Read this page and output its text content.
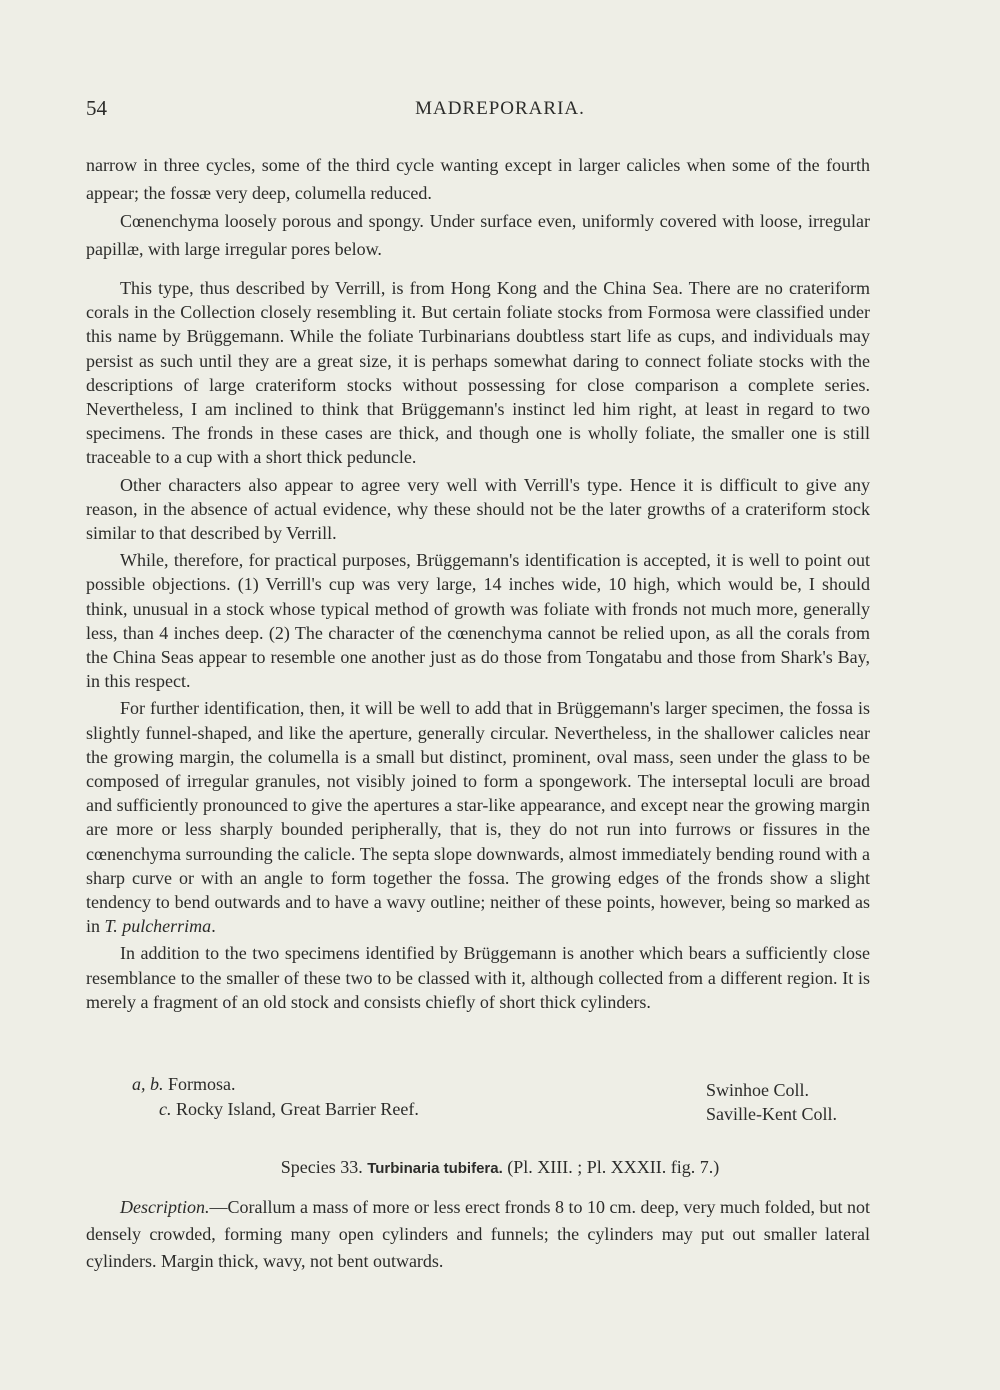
54	MADREPORARIA.

narrow in three cycles, some of the third cycle wanting except in larger calicles when some of the fourth appear; the fossæ very deep, columella reduced.

Cœnenchyma loosely porous and spongy. Under surface even, uniformly covered with loose, irregular papillæ, with large irregular pores below.

This type, thus described by Verrill, is from Hong Kong and the China Sea. There are no crateriform corals in the Collection closely resembling it. But certain foliate stocks from Formosa were classified under this name by Brüggemann. While the foliate Turbinarians doubtless start life as cups, and individuals may persist as such until they are a great size, it is perhaps somewhat daring to connect foliate stocks with the descriptions of large crateriform stocks without possessing for close comparison a complete series. Nevertheless, I am inclined to think that Brüggemann's instinct led him right, at least in regard to two specimens. The fronds in these cases are thick, and though one is wholly foliate, the smaller one is still traceable to a cup with a short thick peduncle.

Other characters also appear to agree very well with Verrill's type. Hence it is difficult to give any reason, in the absence of actual evidence, why these should not be the later growths of a crateriform stock similar to that described by Verrill.

While, therefore, for practical purposes, Brüggemann's identification is accepted, it is well to point out possible objections. (1) Verrill's cup was very large, 14 inches wide, 10 high, which would be, I should think, unusual in a stock whose typical method of growth was foliate with fronds not much more, generally less, than 4 inches deep. (2) The character of the cœnenchyma cannot be relied upon, as all the corals from the China Seas appear to resemble one another just as do those from Tongatabu and those from Shark's Bay, in this respect.

For further identification, then, it will be well to add that in Brüggemann's larger specimen, the fossa is slightly funnel-shaped, and like the aperture, generally circular. Nevertheless, in the shallower calicles near the growing margin, the columella is a small but distinct, prominent, oval mass, seen under the glass to be composed of irregular granules, not visibly joined to form a spongework. The interseptal loculi are broad and sufficiently pronounced to give the apertures a star-like appearance, and except near the growing margin are more or less sharply bounded peripherally, that is, they do not run into furrows or fissures in the cœnenchyma surrounding the calicle. The septa slope downwards, almost immediately bending round with a sharp curve or with an angle to form together the fossa. The growing edges of the fronds show a slight tendency to bend outwards and to have a wavy outline; neither of these points, however, being so marked as in T. pulcherrima.

In addition to the two specimens identified by Brüggemann is another which bears a sufficiently close resemblance to the smaller of these two to be classed with it, although collected from a different region. It is merely a fragment of an old stock and consists chiefly of short thick cylinders.

a, b. Formosa.
c. Rocky Island, Great Barrier Reef.
Swinhoe Coll.
Saville-Kent Coll.
Species 33. Turbinaria tubifera. (Pl. XIII. ; Pl. XXXII. fig. 7.)

Description.—Corallum a mass of more or less erect fronds 8 to 10 cm. deep, very much folded, but not densely crowded, forming many open cylinders and funnels; the cylinders may put out smaller lateral cylinders. Margin thick, wavy, not bent outwards.
